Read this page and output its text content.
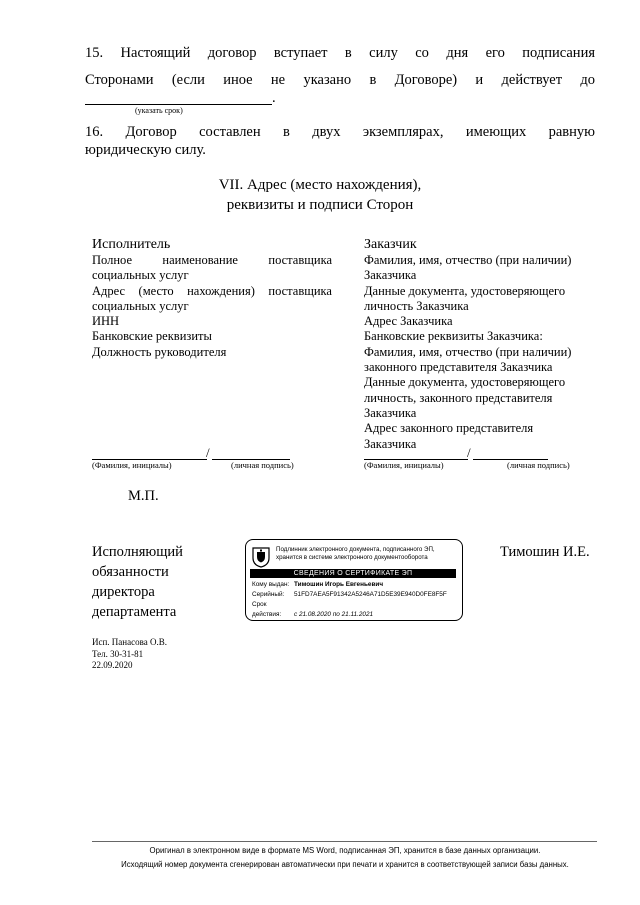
15. Настоящий договор вступает в силу со дня его подписания
Сторонами (если иное не указано в Договоре) и действует до
.
(указать срок)
16. Договор составлен в двух экземплярах, имеющих равную
юридическую силу.
VII. Адрес (место нахождения),
реквизиты и подписи Сторон
Исполнитель
Полное наименование поставщика
социальных услуг
Адрес (место нахождения) поставщика
социальных услуг
ИНН
Банковские реквизиты
Должность руководителя
/
(Фамилия, инициалы)	(личная подпись)
Заказчик
Фамилия, имя, отчество (при наличии)
Заказчика
Данные документа, удостоверяющего
личность Заказчика
Адрес Заказчика
Банковские реквизиты Заказчика:
Фамилия, имя, отчество (при наличии)
законного представителя Заказчика
Данные документа, удостоверяющего
личность, законного представителя
Заказчика
Адрес законного представителя
Заказчика
/
(Фамилия, инициалы)	(личная подпись)
М.П.
Исполняющий
обязанности
директора
департамента
Тимошин И.Е.
Подлинник электронного документа, подписанного ЭП,
хранится в системе электронного документооборота
СВЕДЕНИЯ О СЕРТИФИКАТЕ ЭП
Кому выдан: Тимошин Игорь Евгеньевич
Серийный: 51FD7AEA5F91342A5246A71D5E39E940D0FE8F5F
Срок действия: с 21.08.2020 по 21.11.2021
Исп. Панасова О.В.
Тел. 30-31-81
22.09.2020
Оригинал в электронном виде в формате MS Word, подписанная ЭП, хранится в базе данных организации.
Исходящий номер документа сгенерирован автоматически при печати и хранится в соответствующей записи базы данных.
